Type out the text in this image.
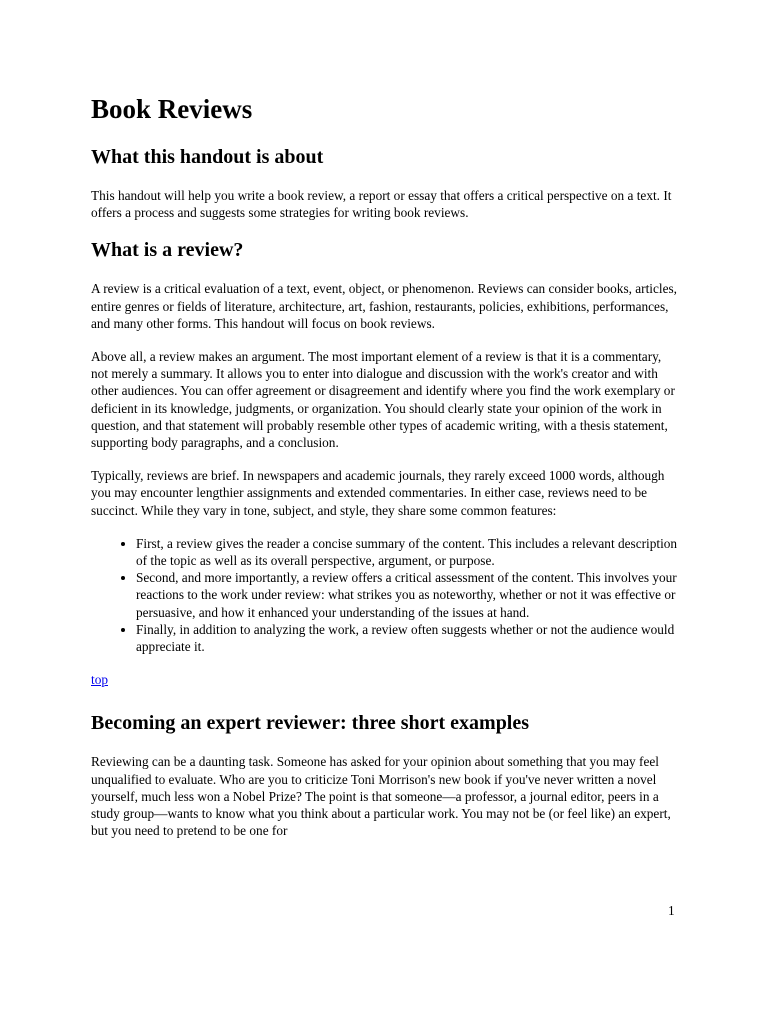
Book Reviews
What this handout is about

This handout will help you write a book review, a report or essay that offers a critical perspective on a text. It offers a process and suggests some strategies for writing book reviews.

What is a review?

A review is a critical evaluation of a text, event, object, or phenomenon. Reviews can consider books, articles, entire genres or fields of literature, architecture, art, fashion, restaurants, policies, exhibitions, performances, and many other forms. This handout will focus on book reviews.

Above all, a review makes an argument. The most important element of a review is that it is a commentary, not merely a summary. It allows you to enter into dialogue and discussion with the work's creator and with other audiences. You can offer agreement or disagreement and identify where you find the work exemplary or deficient in its knowledge, judgments, or organization. You should clearly state your opinion of the work in question, and that statement will probably resemble other types of academic writing, with a thesis statement, supporting body paragraphs, and a conclusion.

Typically, reviews are brief. In newspapers and academic journals, they rarely exceed 1000 words, although you may encounter lengthier assignments and extended commentaries. In either case, reviews need to be succinct. While they vary in tone, subject, and style, they share some common features:

• First, a review gives the reader a concise summary of the content. This includes a relevant description of the topic as well as its overall perspective, argument, or purpose.
• Second, and more importantly, a review offers a critical assessment of the content. This involves your reactions to the work under review: what strikes you as noteworthy, whether or not it was effective or persuasive, and how it enhanced your understanding of the issues at hand.
• Finally, in addition to analyzing the work, a review often suggests whether or not the audience would appreciate it.
top
Becoming an expert reviewer: three short examples

Reviewing can be a daunting task. Someone has asked for your opinion about something that you may feel unqualified to evaluate. Who are you to criticize Toni Morrison's new book if you've never written a novel yourself, much less won a Nobel Prize? The point is that someone—a professor, a journal editor, peers in a study group—wants to know what you think about a particular work. You may not be (or feel like) an expert, but you need to pretend to be one for

1
